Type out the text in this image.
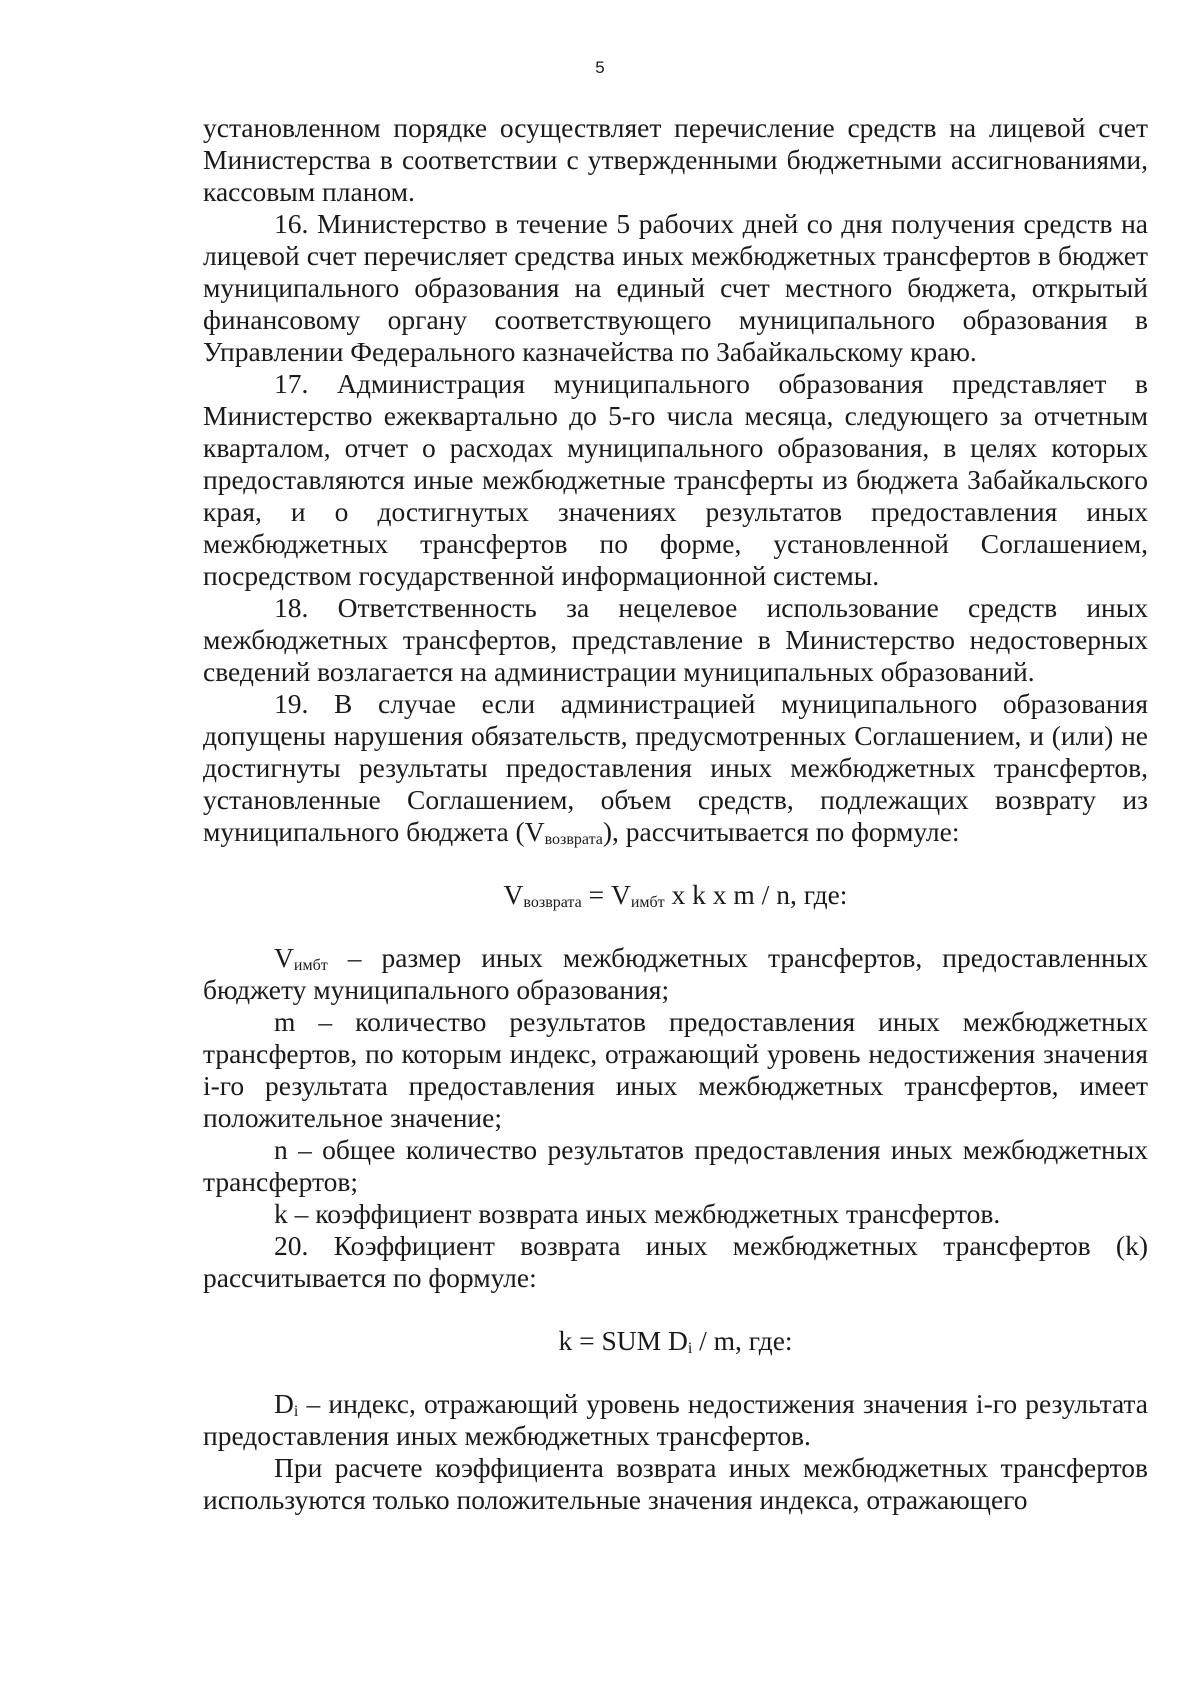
5

установленном порядке осуществляет перечисление средств на лицевой счет Министерства в соответствии с утвержденными бюджетными ассигнованиями, кассовым планом.

16. Министерство в течение 5 рабочих дней со дня получения средств на лицевой счет перечисляет средства иных межбюджетных трансфертов в бюджет муниципального образования на единый счет местного бюджета, открытый финансовому органу соответствующего муниципального образования в Управлении Федерального казначейства по Забайкальскому краю.

17. Администрация муниципального образования представляет в Министерство ежеквартально до 5-го числа месяца, следующего за отчетным кварталом, отчет о расходах муниципального образования, в целях которых предоставляются иные межбюджетные трансферты из бюджета Забайкальского края, и о достигнутых значениях результатов предоставления иных межбюджетных трансфертов по форме, установленной Соглашением, посредством государственной информационной системы.

18. Ответственность за нецелевое использование средств иных межбюджетных трансфертов, представление в Министерство недостоверных сведений возлагается на администрации муниципальных образований.

19. В случае если администрацией муниципального образования допущены нарушения обязательств, предусмотренных Соглашением, и (или) не достигнуты результаты предоставления иных межбюджетных трансфертов, установленные Соглашением, объем средств, подлежащих возврату из муниципального бюджета $(V_{возврата})$, рассчитывается по формуле:

$V_{возврата} = V_{имбт}$ x k x m / n, где:

$V_{имбт}$ – размер иных межбюджетных трансфертов, предоставленных бюджету муниципального образования;

m – количество результатов предоставления иных межбюджетных трансфертов, по которым индекс, отражающий уровень недостижения значения i-го результата предоставления иных межбюджетных трансфертов, имеет положительное значение;

n – общее количество результатов предоставления иных межбюджетных трансфертов;

k – коэффициент возврата иных межбюджетных трансфертов.

20. Коэффициент возврата иных межбюджетных трансфертов (k) рассчитывается по формуле:

k = SUM $D_i$ / m, где:

$D_i$ – индекс, отражающий уровень недостижения значения i-го результата предоставления иных межбюджетных трансфертов.

При расчете коэффициента возврата иных межбюджетных трансфертов используются только положительные значения индекса, отражающего
